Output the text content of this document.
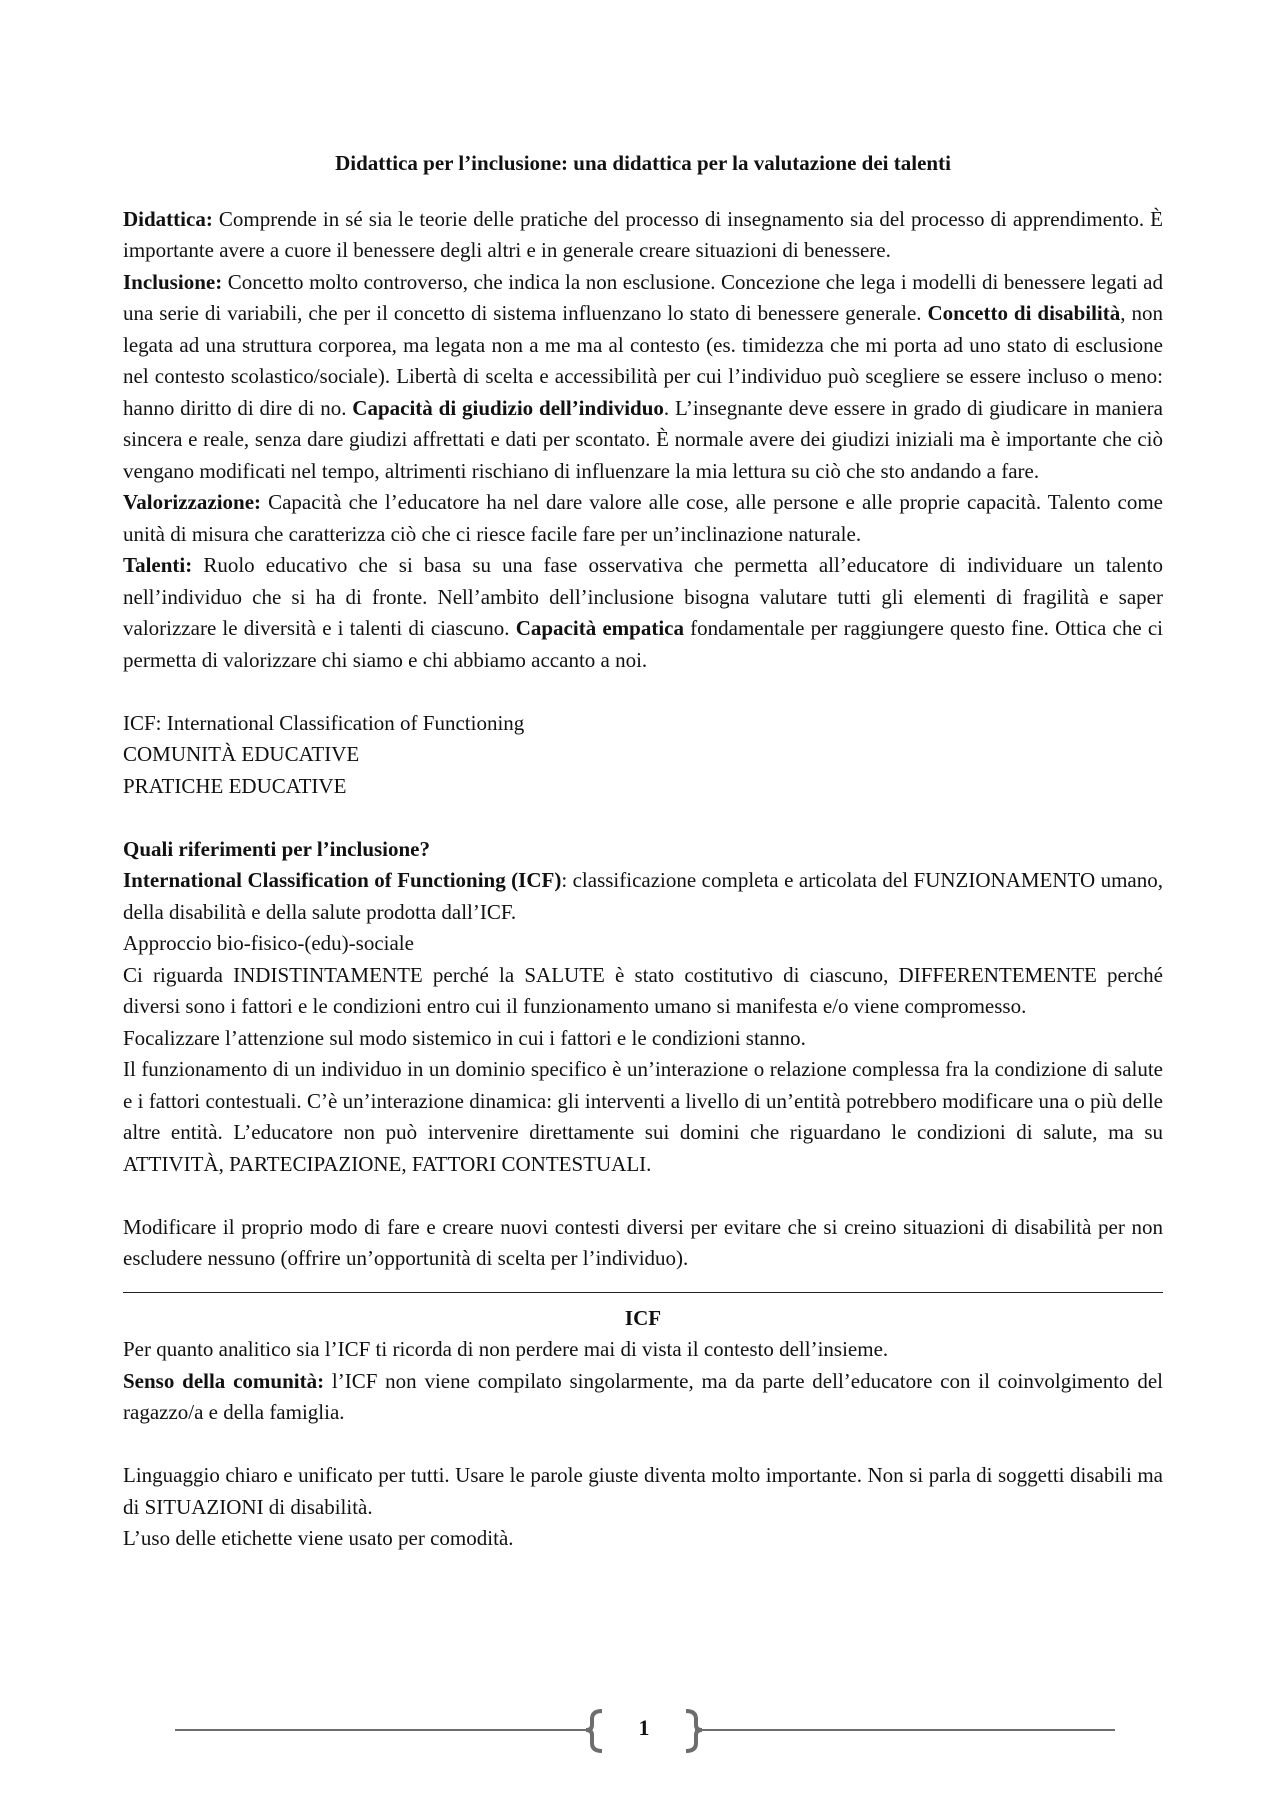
Didattica per l’inclusione: una didattica per la valutazione dei talenti

Didattica: Comprende in sé sia le teorie delle pratiche del processo di insegnamento sia del processo di apprendimento. È importante avere a cuore il benessere degli altri e in generale creare situazioni di benessere.

Inclusione: Concetto molto controverso, che indica la non esclusione. Concezione che lega i modelli di benessere legati ad una serie di variabili, che per il concetto di sistema influenzano lo stato di benessere generale. Concetto di disabilità, non legata ad una struttura corporea, ma legata non a me ma al contesto (es. timidezza che mi porta ad uno stato di esclusione nel contesto scolastico/sociale). Libertà di scelta e accessibilità per cui l’individuo può scegliere se essere incluso o meno: hanno diritto di dire di no. Capacità di giudizio dell’individuo. L’insegnante deve essere in grado di giudicare in maniera sincera e reale, senza dare giudizi affrettati e dati per scontato. È normale avere dei giudizi iniziali ma è importante che ciò vengano modificati nel tempo, altrimenti rischiano di influenzare la mia lettura su ciò che sto andando a fare.

Valorizzazione: Capacità che l’educatore ha nel dare valore alle cose, alle persone e alle proprie capacità. Talento come unità di misura che caratterizza ciò che ci riesce facile fare per un’inclinazione naturale.

Talenti: Ruolo educativo che si basa su una fase osservativa che permetta all’educatore di individuare un talento nell’individuo che si ha di fronte. Nell’ambito dell’inclusione bisogna valutare tutti gli elementi di fragilità e saper valorizzare le diversità e i talenti di ciascuno. Capacità empatica fondamentale per raggiungere questo fine. Ottica che ci permetta di valorizzare chi siamo e chi abbiamo accanto a noi.

ICF: International Classification of Functioning

COMUNITÀ EDUCATIVE

PRATICHE EDUCATIVE

Quali riferimenti per l’inclusione?

International Classification of Functioning (ICF): classificazione completa e articolata del FUNZIONAMENTO umano, della disabilità e della salute prodotta dall’ICF.

Approccio bio-fisico-(edu)-sociale

Ci riguarda INDISTINTAMENTE perché la SALUTE è stato costitutivo di ciascuno, DIFFERENTEMENTE perché diversi sono i fattori e le condizioni entro cui il funzionamento umano si manifesta e/o viene compromesso.

Focalizzare l’attenzione sul modo sistemico in cui i fattori e le condizioni stanno.

Il funzionamento di un individuo in un dominio specifico è un’interazione o relazione complessa fra la condizione di salute e i fattori contestuali. C’è un’interazione dinamica: gli interventi a livello di un’entità potrebbero modificare una o più delle altre entità. L’educatore non può intervenire direttamente sui domini che riguardano le condizioni di salute, ma su ATTIVITÀ, PARTECIPAZIONE, FATTORI CONTESTUALI.

Modificare il proprio modo di fare e creare nuovi contesti diversi per evitare che si creino situazioni di disabilità per non escludere nessuno (offrire un’opportunità di scelta per l’individuo).

ICF

Per quanto analitico sia l’ICF ti ricorda di non perdere mai di vista il contesto dell’insieme.

Senso della comunità: l’ICF non viene compilato singolarmente, ma da parte dell’educatore con il coinvolgimento del ragazzo/a e della famiglia.

Linguaggio chiaro e unificato per tutti. Usare le parole giuste diventa molto importante. Non si parla di soggetti disabili ma di SITUAZIONI di disabilità.

L’uso delle etichette viene usato per comodità.

1
